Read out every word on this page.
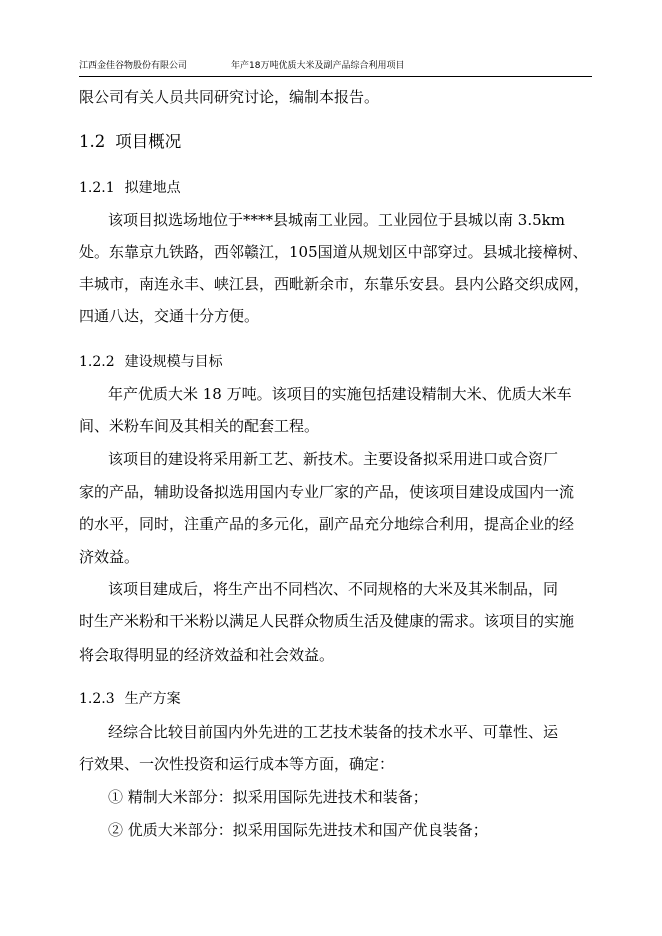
江西金佳谷物股份有限公司	年产18万吨优质大米及副产品综合利用项目
限公司有关人员共同研究讨论，编制本报告。
1.2 项目概况
1.2.1 拟建地点
该项目拟选场地位于****县城南工业园。工业园位于县城以南 3.5km
处。东靠京九铁路，西邻赣江，105国道从规划区中部穿过。县城北接樟树、
丰城市，南连永丰、峡江县，西毗新余市，东靠乐安县。县内公路交织成网，
四通八达，交通十分方便。
1.2.2 建设规模与目标
年产优质大米 18 万吨。该项目的实施包括建设精制大米、优质大米车
间、米粉车间及其相关的配套工程。
该项目的建设将采用新工艺、新技术。主要设备拟采用进口或合资厂
家的产品，辅助设备拟选用国内专业厂家的产品，使该项目建设成国内一流
的水平，同时，注重产品的多元化，副产品充分地综合利用，提高企业的经
济效益。
该项目建成后，将生产出不同档次、不同规格的大米及其米制品，同
时生产米粉和干米粉以满足人民群众物质生活及健康的需求。该项目的实施
将会取得明显的经济效益和社会效益。
1.2.3 生产方案
经综合比较目前国内外先进的工艺技术装备的技术水平、可靠性、运
行效果、一次性投资和运行成本等方面，确定：
① 精制大米部分：拟采用国际先进技术和装备；
② 优质大米部分：拟采用国际先进技术和国产优良装备；
